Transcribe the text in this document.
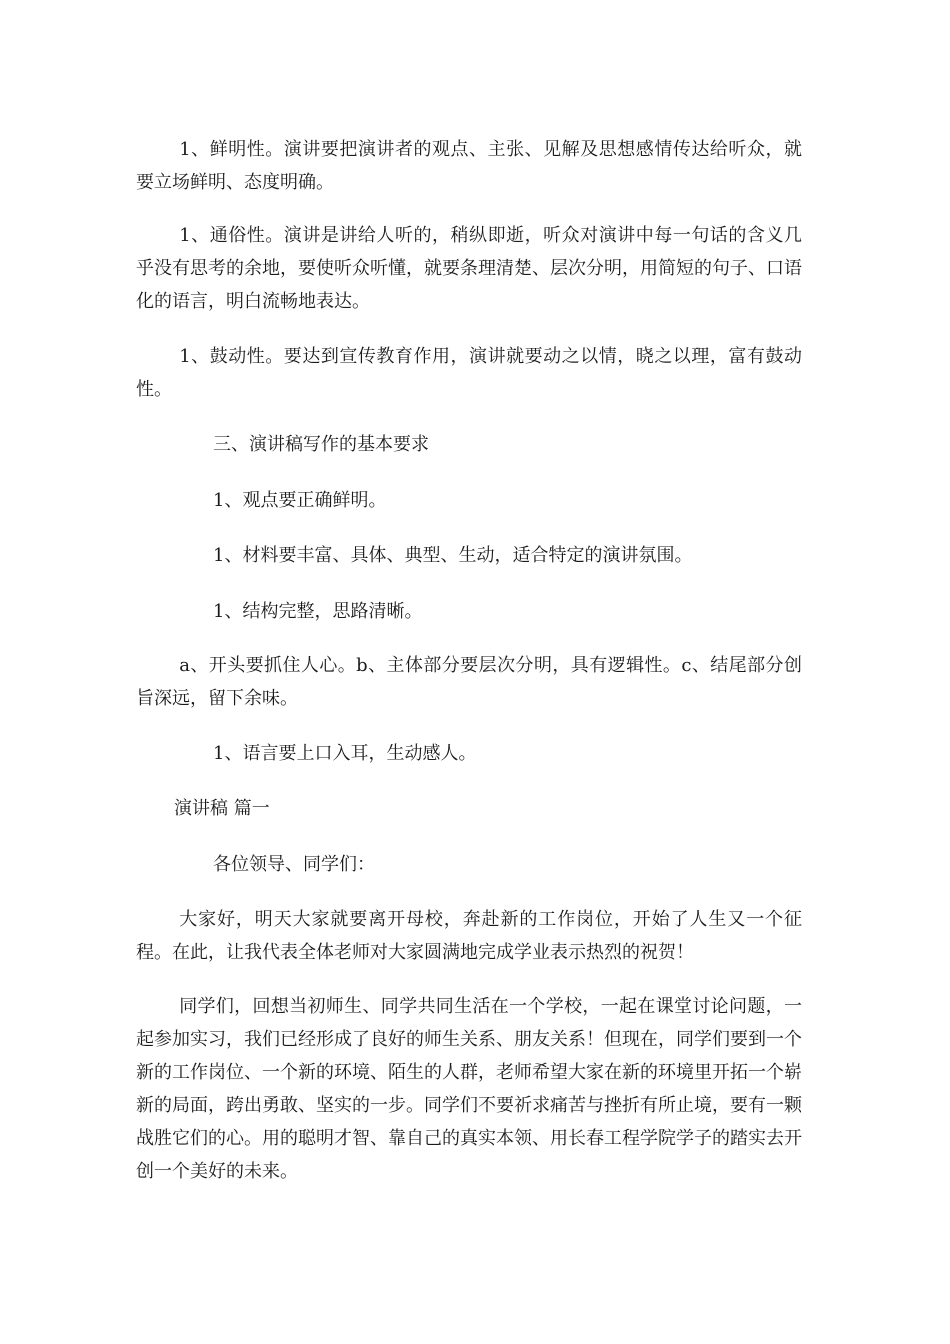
1、鲜明性。演讲要把演讲者的观点、主张、见解及思想感情传达给听众，就要立场鲜明、态度明确。

1、通俗性。演讲是讲给人听的，稍纵即逝，听众对演讲中每一句话的含义几乎没有思考的余地，要使听众听懂，就要条理清楚、层次分明，用简短的句子、口语化的语言，明白流畅地表达。

1、鼓动性。要达到宣传教育作用，演讲就要动之以情，晓之以理，富有鼓动性。

三、演讲稿写作的基本要求

1、观点要正确鲜明。

1、材料要丰富、具体、典型、生动，适合特定的演讲氛围。

1、结构完整，思路清晰。

a、开头要抓住人心。b、主体部分要层次分明，具有逻辑性。c、结尾部分创旨深远，留下余味。

1、语言要上口入耳，生动感人。

演讲稿 篇一

各位领导、同学们：

大家好，明天大家就要离开母校，奔赴新的工作岗位，开始了人生又一个征程。在此，让我代表全体老师对大家圆满地完成学业表示热烈的祝贺！

同学们，回想当初师生、同学共同生活在一个学校，一起在课堂讨论问题，一起参加实习，我们已经形成了良好的师生关系、朋友关系！但现在，同学们要到一个新的工作岗位、一个新的环境、陌生的人群，老师希望大家在新的环境里开拓一个崭新的局面，跨出勇敢、坚实的一步。同学们不要祈求痛苦与挫折有所止境，要有一颗战胜它们的心。用的聪明才智、靠自己的真实本领、用长春工程学院学子的踏实去开创一个美好的未来。
